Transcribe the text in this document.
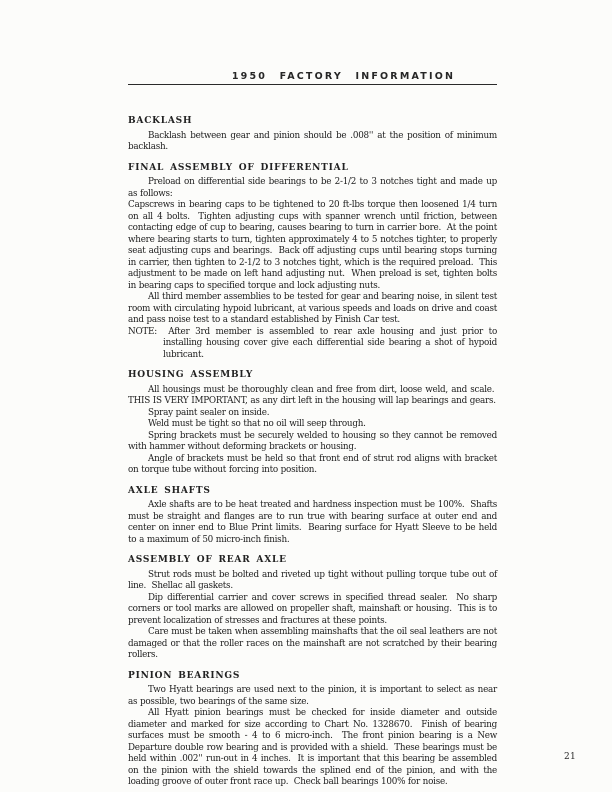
1950 FACTORY INFORMATION
BACKLASH

Backlash between gear and pinion should be .008'' at the position of minimum backlash.

FINAL ASSEMBLY OF DIFFERENTIAL

Preload on differential side bearings to be 2-1/2 to 3 notches tight and made up as follows:

Capscrews in bearing caps to be tightened to 20 ft-lbs torque then loosened 1/4 turn on all 4 bolts.  Tighten adjusting cups with spanner wrench until friction, between contacting edge of cup to bearing, causes bearing to turn in carrier bore.  At the point where bearing starts to turn, tighten approximately 4 to 5 notches tighter, to properly seat adjusting cups and bearings.  Back off adjusting cups until bearing stops turning in carrier, then tighten to 2-1/2 to 3 notches tight, which is the required preload.  This adjustment to be made on left hand adjusting nut.  When preload is set, tighten bolts in bearing caps to specified torque and lock adjusting nuts.

All third member assemblies to be tested for gear and bearing noise, in silent test room with circulating hypoid lubricant, at various speeds and loads on drive and coast and pass noise test to a standard established by Finish Car test.

NOTE:  After 3rd member is assembled to rear axle housing and just prior to installing housing cover give each differential side bearing a shot of hypoid lubricant.

HOUSING ASSEMBLY

All housings must be thoroughly clean and free from dirt, loose weld, and scale.  THIS IS VERY IMPORTANT, as any dirt left in the housing will lap bearings and gears.

Spray paint sealer on inside.

Weld must be tight so that no oil will seep through.

Spring brackets must be securely welded to housing so they cannot be removed with hammer without deforming brackets or housing.

Angle of brackets must be held so that front end of strut rod aligns with bracket on torque tube without forcing into position.

AXLE SHAFTS

Axle shafts are to be heat treated and hardness inspection must be 100%.  Shafts must be straight and flanges are to run true with bearing surface at outer end and center on inner end to Blue Print limits.  Bearing surface for Hyatt Sleeve to be held to a maximum of 50 micro-inch finish.

ASSEMBLY OF REAR AXLE

Strut rods must be bolted and riveted up tight without pulling torque tube out of line.  Shellac all gaskets.

Dip differential carrier and cover screws in specified thread sealer.  No sharp corners or tool marks are allowed on propeller shaft, mainshaft or housing.  This is to prevent localization of stresses and fractures at these points.

Care must be taken when assembling mainshafts that the oil seal leathers are not damaged or that the roller races on the mainshaft are not scratched by their bearing rollers.

PINION BEARINGS

Two Hyatt bearings are used next to the pinion, it is important to select as near as possible, two bearings of the same size.

All Hyatt pinion bearings must be checked for inside diameter and outside diameter and marked for size according to Chart No. 1328670.  Finish of bearing surfaces must be smooth - 4 to 6 micro-inch.  The front pinion bearing is a New Departure double row bearing and is provided with a shield.  These bearings must be held within .002'' run-out in 4 inches.  It is important that this bearing be assembled on the pinion with the shield towards the splined end of the pinion, and with the loading groove of outer front race up.  Check ball bearings 100% for noise.

21
